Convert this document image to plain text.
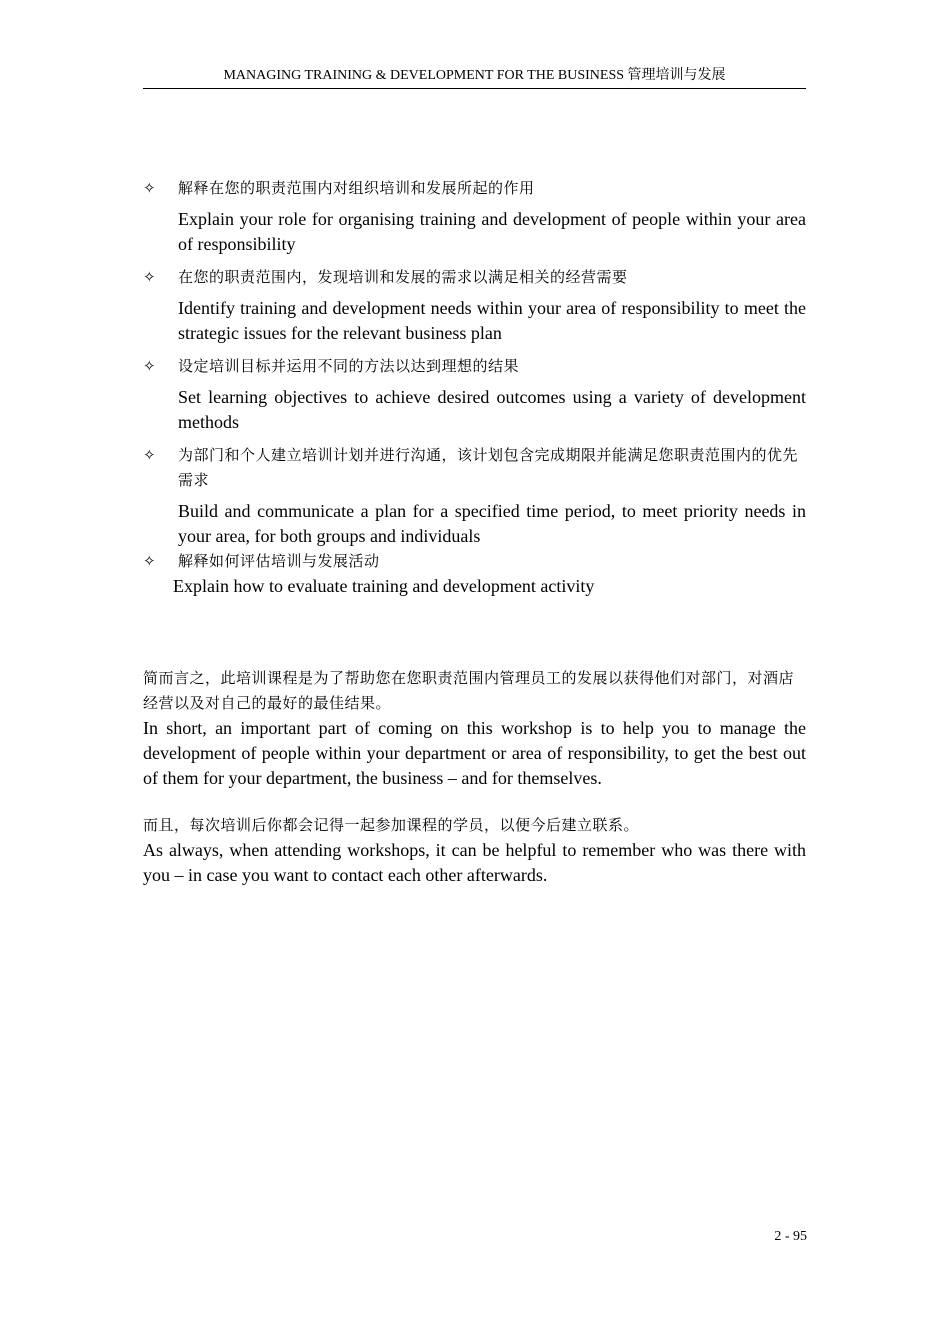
MANAGING TRAINING & DEVELOPMENT FOR THE BUSINESS 管理培训与发展
✧ 解释在您的职责范围内对组织培训和发展所起的作用
Explain your role for organising training and development of people within your area of responsibility
✧ 在您的职责范围内，发现培训和发展的需求以满足相关的经营需要
Identify training and development needs within your area of responsibility to meet the strategic issues for the relevant business plan
✧ 设定培训目标并运用不同的方法以达到理想的结果
Set learning objectives to achieve desired outcomes using a variety of development methods
✧ 为部门和个人建立培训计划并进行沟通，该计划包含完成期限并能满足您职责范围内的优先需求
Build and communicate a plan for a specified time period, to meet priority needs in your area, for both groups and individuals
✧ 解释如何评估培训与发展活动
Explain how to evaluate training and development activity
简而言之，此培训课程是为了帮助您在您职责范围内管理员工的发展以获得他们对部门，对酒店经营以及对自己的最好的最佳结果。
In short, an important part of coming on this workshop is to help you to manage the development of people within your department or area of responsibility, to get the best out of them for your department, the business – and for themselves.
而且，每次培训后你都会记得一起参加课程的学员，以便今后建立联系。
As always, when attending workshops, it can be helpful to remember who was there with you – in case you want to contact each other afterwards.
2 - 95
